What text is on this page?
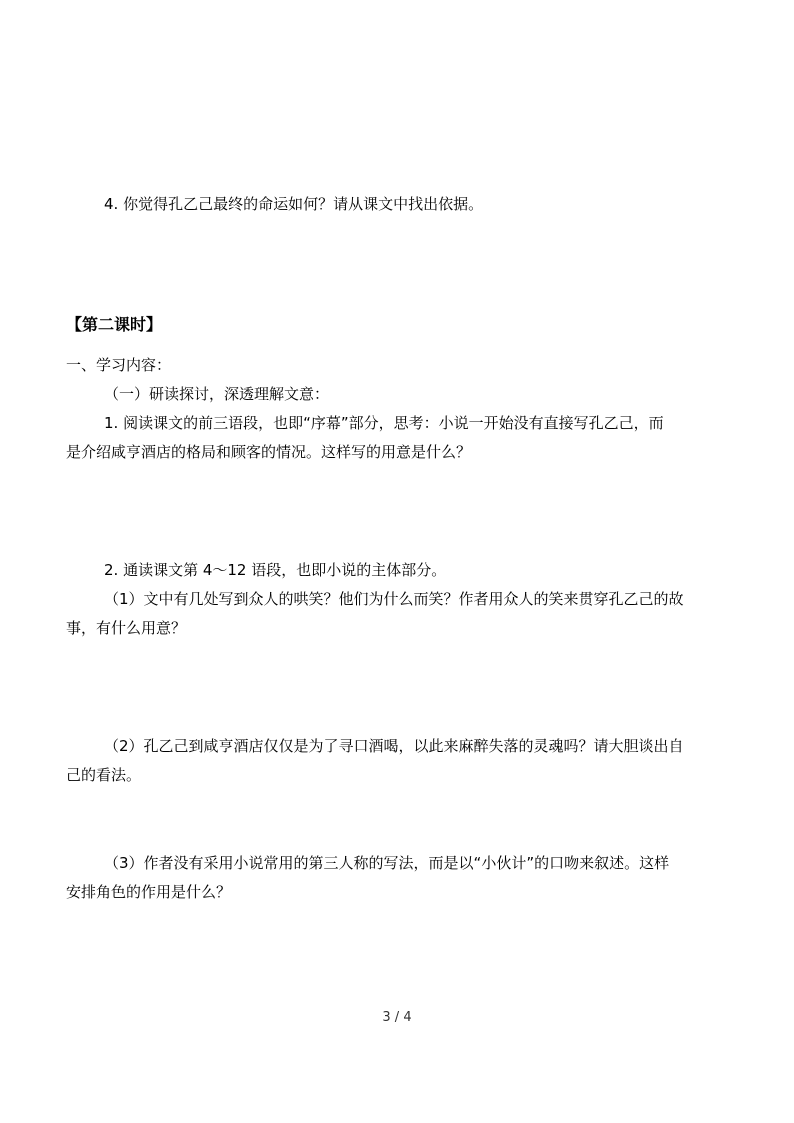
4. 你觉得孔乙己最终的命运如何？请从课文中找出依据。
【第二课时】
一、学习内容：
（一）研读探讨，深透理解文意：
1. 阅读课文的前三语段，也即“序幕”部分，思考：小说一开始没有直接写孔乙己，而
是介绍咸亨酒店的格局和顾客的情况。这样写的用意是什么？
2. 通读课文第 4～12 语段，也即小说的主体部分。
（1）文中有几处写到众人的哄笑？他们为什么而笑？作者用众人的笑来贯穿孔乙己的故
事，有什么用意？
（2）孔乙己到咸亨酒店仅仅是为了寻口酒喝，以此来麻醉失落的灵魂吗？请大胆谈出自
己的看法。
（3）作者没有采用小说常用的第三人称的写法，而是以“小伙计”的口吻来叙述。这样
安排角色的作用是什么？
3 / 4
